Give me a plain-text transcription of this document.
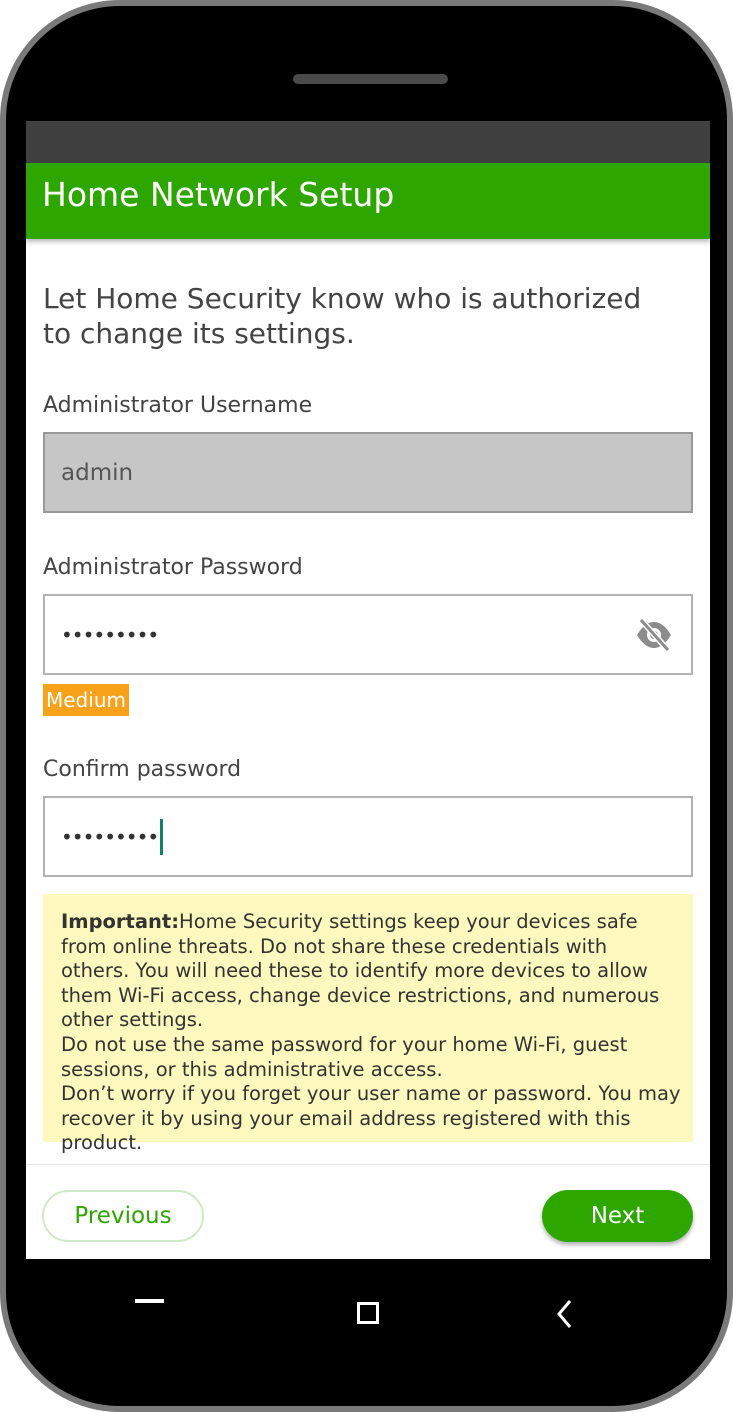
Home Network Setup
Let Home Security know who is authorized to change its settings.
Administrator Username
admin
Administrator Password
•••••••••
Medium
Confirm password
•••••••••

Important:Home Security settings keep your devices safe from online threats. Do not share these credentials with others. You will need these to identify more devices to allow them Wi-Fi access, change device restrictions, and numerous other settings.

Do not use the same password for your home Wi-Fi, guest sessions, or this administrative access.

Don’t worry if you forget your user name or password. You may recover it by using your email address registered with this product.

Previous	Next
